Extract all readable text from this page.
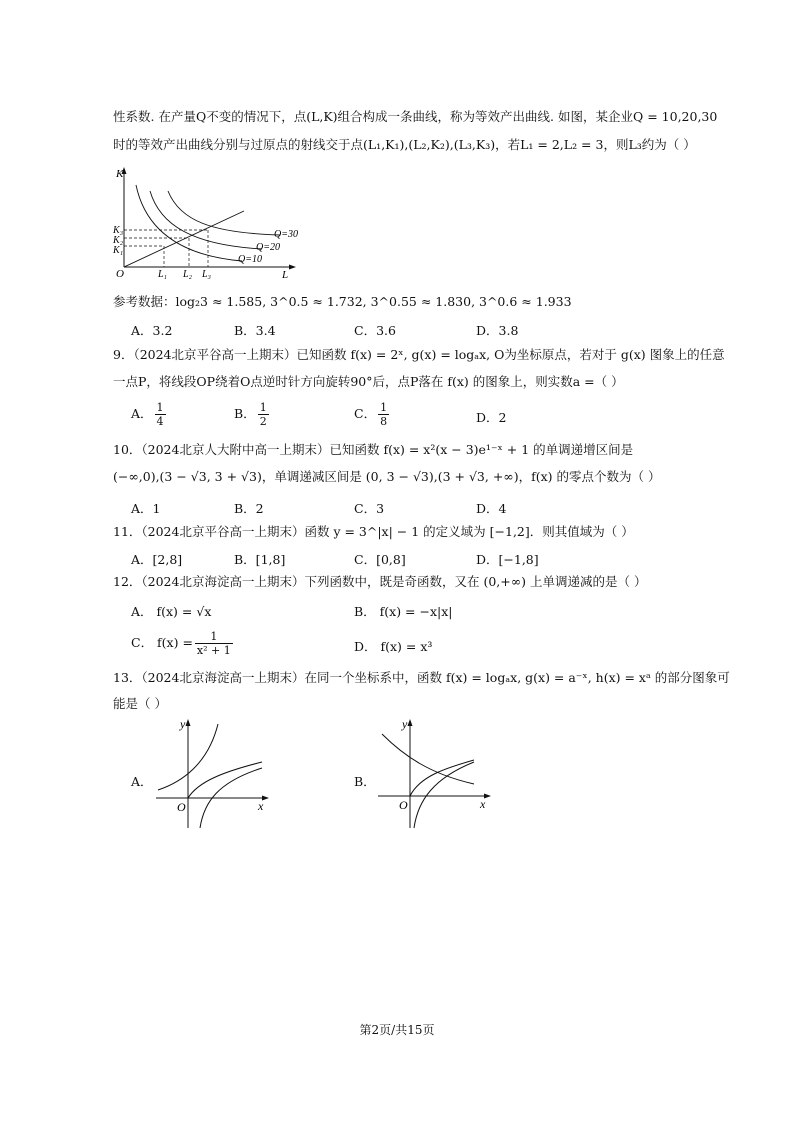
性系数. 在产量Q不变的情况下，点(L,K)组合构成一条曲线，称为等效产出曲线. 如图，某企业Q = 10,20,30
时的等效产出曲线分别与过原点的射线交于点(L₁,K₁),(L₂,K₂),(L₃,K₃)，若L₁ = 2,L₂ = 3，则L₃约为（ ）
K
L
O
K₃
K₂
K₁
L₁ L₂ L₃
Q=30
Q=20
Q=10
参考数据：log₂3 ≈ 1.585, 3^0.5 ≈ 1.732, 3^0.55 ≈ 1.830, 3^0.6 ≈ 1.933
A．3.2	B．3.4	C．3.6	D．3.8
9．（2024北京平谷高一上期末）已知函数 f(x) = 2ˣ, g(x) = logₐx, O为坐标原点，若对于 g(x) 图象上的任意
一点P，将线段OP绕着O点逆时针方向旋转90°后，点P落在 f(x) 的图象上，则实数a =（ ）
A． $\frac{1}{4}$	B． $\frac{1}{2}$	C． $\frac{1}{8}$	D．2
10．（2024北京人大附中高一上期末）已知函数 f(x) = x²(x − 3)e¹⁻ˣ + 1 的单调递增区间是
(−∞,0),(3 − √3, 3 + √3)，单调递减区间是 (0, 3 − √3),(3 + √3, +∞)，f(x) 的零点个数为（ ）
A．1	B．2	C．3	D．4
11．（2024北京平谷高一上期末）函数 y = 3^|x| − 1 的定义域为 [−1,2]．则其值域为（ ）
A．[2,8]	B．[1,8]	C．[0,8]	D．[−1,8]
12．（2024北京海淀高一上期末）下列函数中，既是奇函数，又在 (0,+∞) 上单调递减的是（ ）
A． f(x) = √x	B． f(x) = −x|x|
C． $f(x) = \frac{1}{\text{x² + 1}}$	D． f(x) = x³
13．（2024北京海淀高一上期末）在同一个坐标系中，函数 f(x) = logₐx, g(x) = a⁻ˣ, h(x) = xᵃ 的部分图象可
能是（ ）
A．
y
x
O
B．
y
x
O
第2页/共15页
